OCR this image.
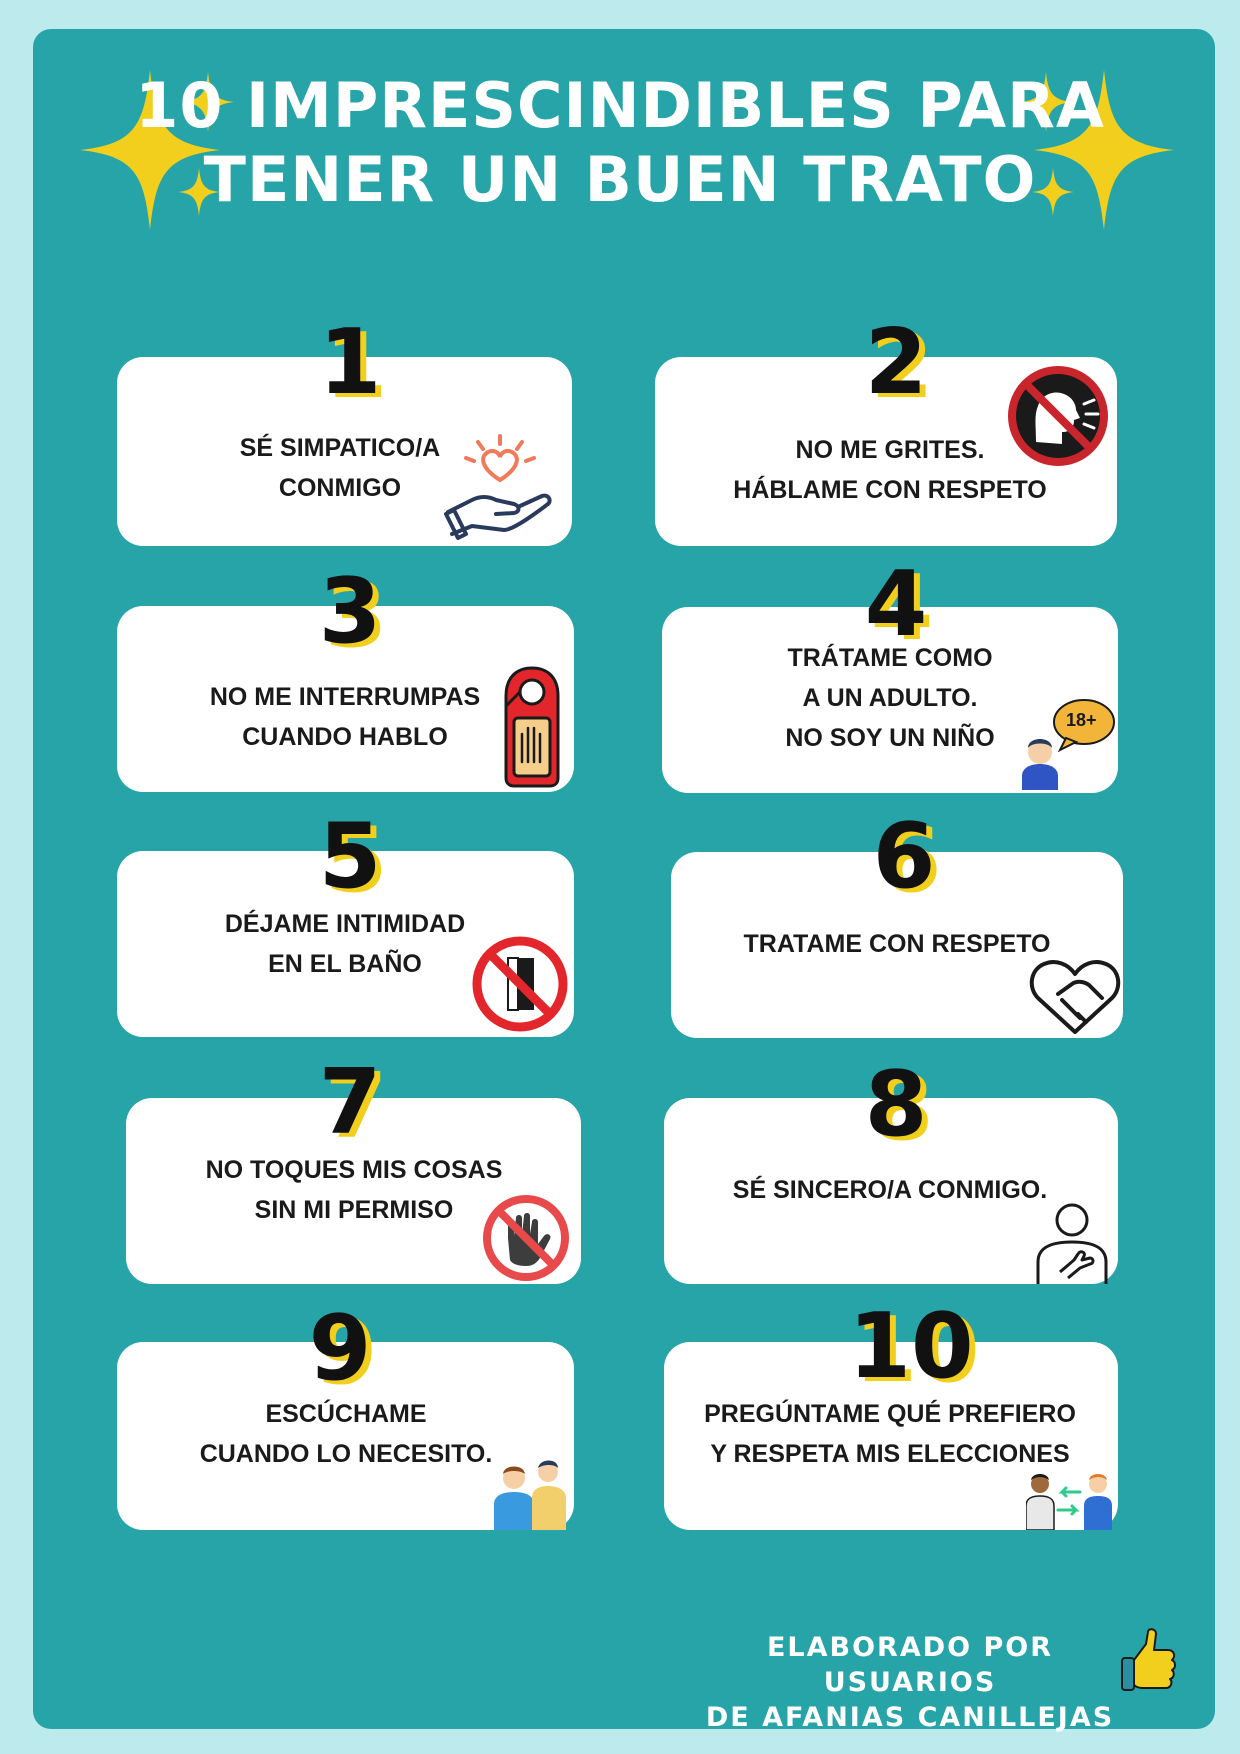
10 IMPRESCINDIBLES PARA
TENER UN BUEN TRATO
1
SÉ SIMPATICO/A
CONMIGO
2
NO ME GRITES.
HÁBLAME CON RESPETO
3
NO ME INTERRUMPAS
CUANDO HABLO
4
TRÁTAME COMO
A UN ADULTO.
NO SOY UN NIÑO
18+
5
DÉJAME INTIMIDAD
EN EL BAÑO
6
TRATAME CON RESPETO
7
NO TOQUES MIS COSAS
SIN MI PERMISO
8
SÉ SINCERO/A CONMIGO.
9
ESCÚCHAME
CUANDO LO NECESITO.
10
PREGÚNTAME QUÉ PREFIERO
Y RESPETA MIS ELECCIONES
ELABORADO POR USUARIOS
DE AFANIAS CANILLEJAS
